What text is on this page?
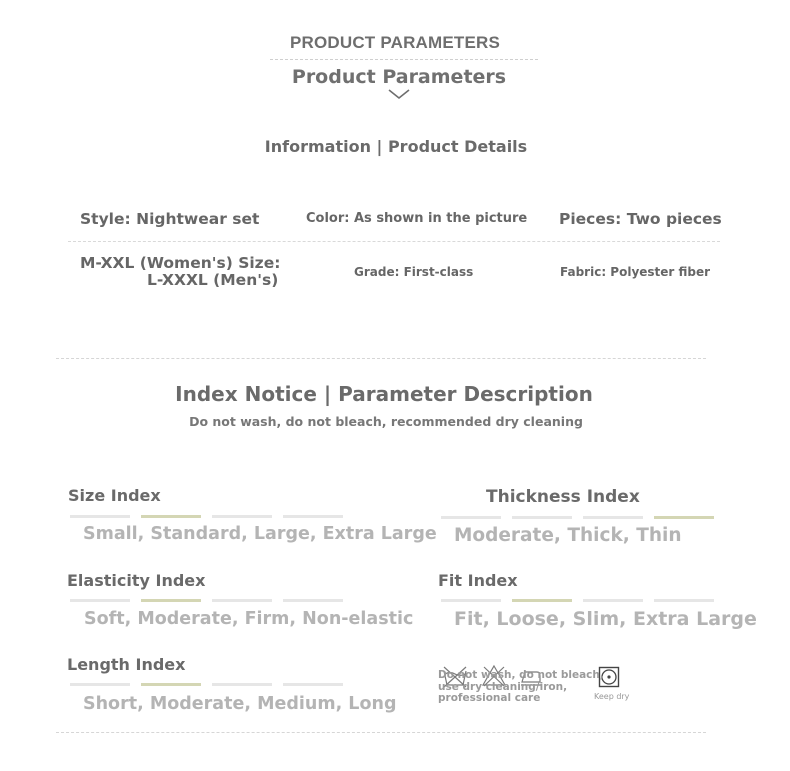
PRODUCT PARAMETERS
Product Parameters
Information | Product Details
Style: Nightwear set	Color: As shown in the picture Pieces: Two pieces
M-XXL (Women's) Size:
L-XXXL (Men's)	Grade: First-class	Fabric: Polyester fiber
Index Notice | Parameter Description
Do not wash, do not bleach, recommended dry cleaning
Size Index
Small, Standard, Large, Extra Large
Thickness Index
Moderate, Thick, Thin
Elasticity Index
Soft, Moderate, Firm, Non-elastic
Fit Index
Fit, Loose, Slim, Extra Large
Length Index
Short, Moderate, Medium, Long
Do not wash, do not bleach,
use dry cleaning/iron,
professional care	Keep dry
